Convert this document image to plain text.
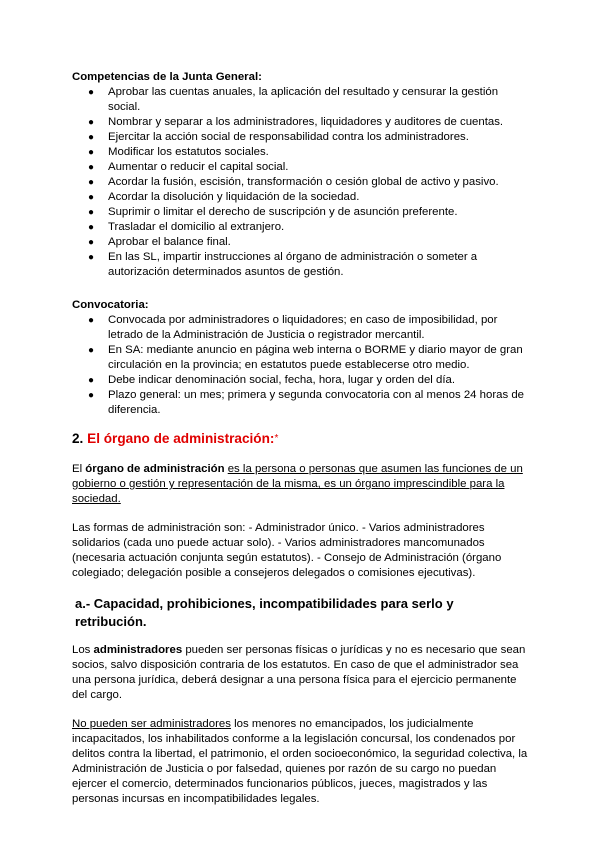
Competencias de la Junta General:

● Aprobar las cuentas anuales, la aplicación del resultado y censurar la gestión social.
● Nombrar y separar a los administradores, liquidadores y auditores de cuentas.
● Ejercitar la acción social de responsabilidad contra los administradores.
● Modificar los estatutos sociales.
● Aumentar o reducir el capital social.
● Acordar la fusión, escisión, transformación o cesión global de activo y pasivo.
● Acordar la disolución y liquidación de la sociedad.
● Suprimir o limitar el derecho de suscripción y de asunción preferente.
● Trasladar el domicilio al extranjero.
● Aprobar el balance final.
● En las SL, impartir instrucciones al órgano de administración o someter a autorización determinados asuntos de gestión.

Convocatoria:

● Convocada por administradores o liquidadores; en caso de imposibilidad, por letrado de la Administración de Justicia o registrador mercantil.
● En SA: mediante anuncio en página web interna o BORME y diario mayor de gran circulación en la provincia; en estatutos puede establecerse otro medio.
● Debe indicar denominación social, fecha, hora, lugar y orden del día.
● Plazo general: un mes; primera y segunda convocatoria con al menos 24 horas de diferencia.

2. El órgano de administración:*

El órgano de administración es la persona o personas que asumen las funciones de un gobierno o gestión y representación de la misma, es un órgano imprescindible para la sociedad.

Las formas de administración son: - Administrador único. - Varios administradores solidarios (cada uno puede actuar solo). - Varios administradores mancomunados (necesaria actuación conjunta según estatutos). - Consejo de Administración (órgano colegiado; delegación posible a consejeros delegados o comisiones ejecutivas).

a.- Capacidad, prohibiciones, incompatibilidades para serlo y retribución.

Los administradores pueden ser personas físicas o jurídicas y no es necesario que sean socios, salvo disposición contraria de los estatutos. En caso de que el administrador sea una persona jurídica, deberá designar a una persona física para el ejercicio permanente del cargo.

No pueden ser administradores los menores no emancipados, los judicialmente incapacitados, los inhabilitados conforme a la legislación concursal, los condenados por delitos contra la libertad, el patrimonio, el orden socioeconómico, la seguridad colectiva, la Administración de Justicia o por falsedad, quienes por razón de su cargo no puedan ejercer el comercio, determinados funcionarios públicos, jueces, magistrados y las personas incursas en incompatibilidades legales.
